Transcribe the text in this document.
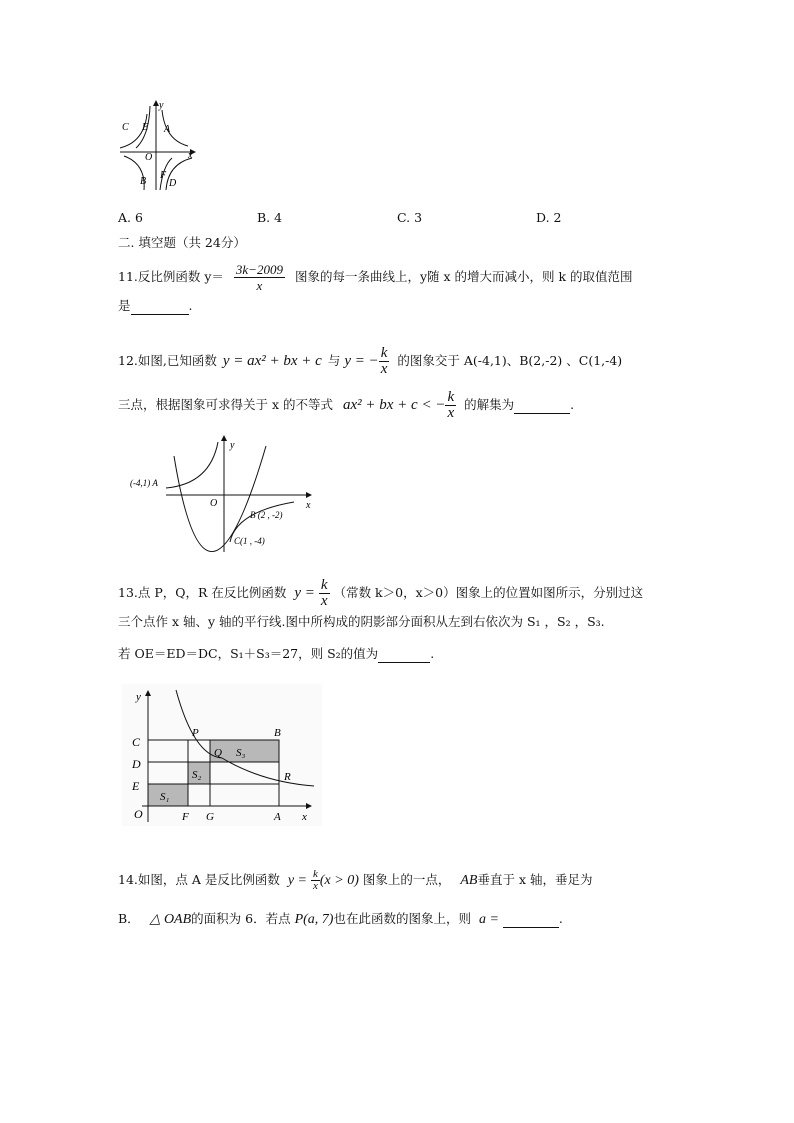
y
C E A
O	x
B
F
D
A. 6	B. 4	C. 3	D. 2
二. 填空题（共 24分）
11.反比例函数 $y= \frac{3k-2009}{x}$ 图象的每一条曲线上，y随 x 的增大而减小，则 k 的取值范围
是	.
12.如图,已知函数 y = ax² + bx + c 与 y = − $\frac{k}{x}$ 的图象交于 A(-4,1)、B(2,-2) 、C(1,-4)
三点，根据图象可求得关于 x 的不等式 ax² + bx + c < − $\frac{k}{x}$ 的解集为	.
y
x
O
(-4,1) A
B (2 , -2)
C(1 , -4)
13.点 P，Q，R 在反比例函数 $y = \frac{k}{x}$ （常数 k＞0，x＞0）图象上的位置如图所示，分别过这
三个点作 x 轴、y 轴的平行线.图中所构成的阴影部分面积从左到右依次为 S₁ ，S₂ ，S₃.
若 OE＝ED＝DC，S₁＋S₃＝27，则 S₂的值为	.
y
C
D
E
O
P	B
Q S₃
S₂	R
S₁
F G	A x
14.如图，点 A 是反比例函数 $y = \frac{k}{x} (x > 0)$ 图象上的一点， AB垂直于 x 轴，垂足为
B． △ OAB的面积为 6．若点 P(a, 7)也在此函数的图象上，则 a =	.
